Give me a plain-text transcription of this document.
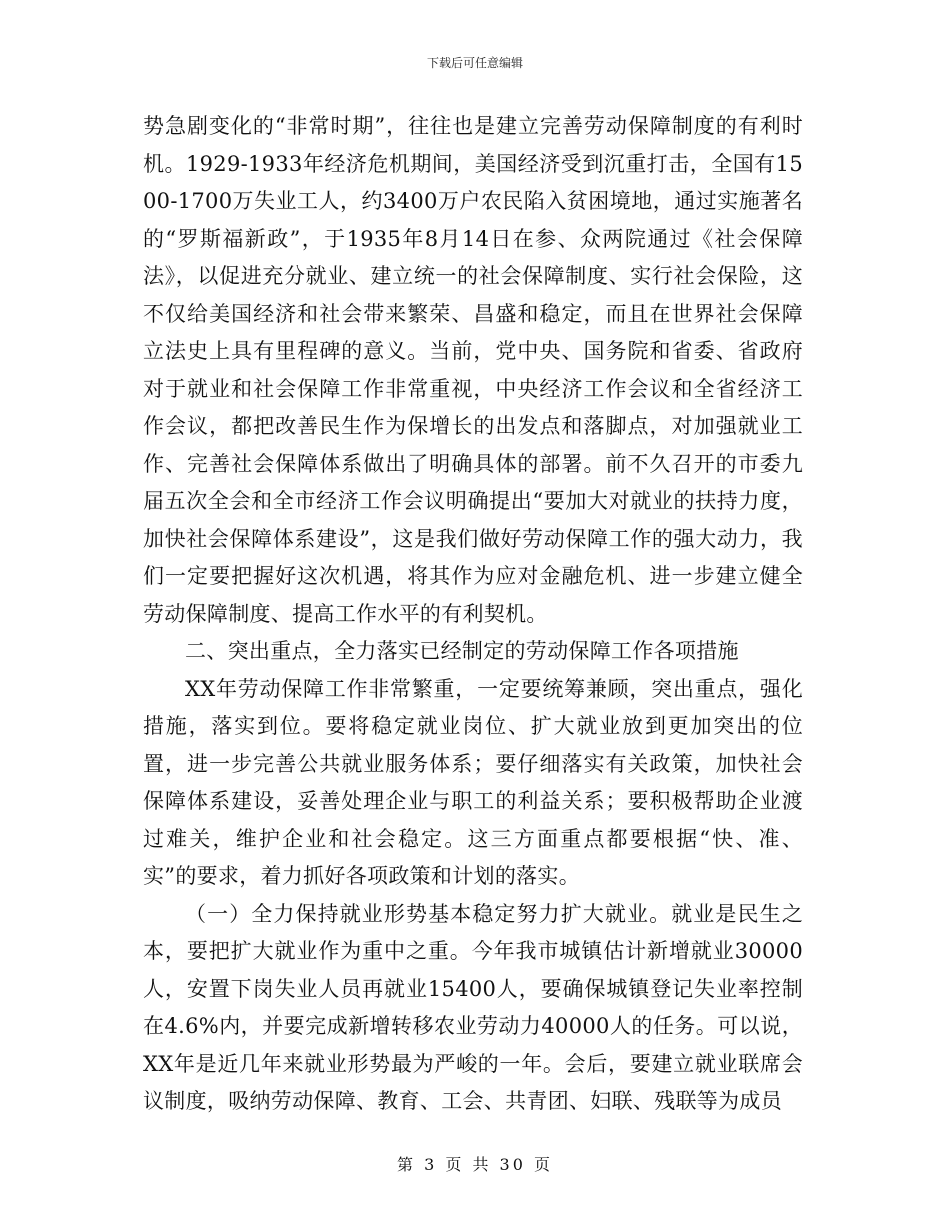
下载后可任意编辑

势急剧变化的“非常时期”，往往也是建立完善劳动保障制度的有利时机。1929-1933年经济危机期间，美国经济受到沉重打击，全国有1500-1700万失业工人，约3400万户农民陷入贫困境地，通过实施著名的“罗斯福新政”，于1935年8月14日在参、众两院通过《社会保障法》，以促进充分就业、建立统一的社会保障制度、实行社会保险，这不仅给美国经济和社会带来繁荣、昌盛和稳定，而且在世界社会保障立法史上具有里程碑的意义。当前，党中央、国务院和省委、省政府对于就业和社会保障工作非常重视，中央经济工作会议和全省经济工作会议，都把改善民生作为保增长的出发点和落脚点，对加强就业工作、完善社会保障体系做出了明确具体的部署。前不久召开的市委九届五次全会和全市经济工作会议明确提出“要加大对就业的扶持力度，加快社会保障体系建设”，这是我们做好劳动保障工作的强大动力，我们一定要把握好这次机遇，将其作为应对金融危机、进一步建立健全劳动保障制度、提高工作水平的有利契机。

二、突出重点，全力落实已经制定的劳动保障工作各项措施

XX年劳动保障工作非常繁重，一定要统筹兼顾，突出重点，强化措施，落实到位。要将稳定就业岗位、扩大就业放到更加突出的位置，进一步完善公共就业服务体系；要仔细落实有关政策，加快社会保障体系建设，妥善处理企业与职工的利益关系；要积极帮助企业渡过难关，维护企业和社会稳定。这三方面重点都要根据“快、准、实”的要求，着力抓好各项政策和计划的落实。

（一）全力保持就业形势基本稳定努力扩大就业。就业是民生之本，要把扩大就业作为重中之重。今年我市城镇估计新增就业30000人，安置下岗失业人员再就业15400人，要确保城镇登记失业率控制在4.6%内，并要完成新增转移农业劳动力40000人的任务。可以说，XX年是近几年来就业形势最为严峻的一年。会后，要建立就业联席会议制度，吸纳劳动保障、教育、工会、共青团、妇联、残联等为成员

第 3 页 共 30 页
